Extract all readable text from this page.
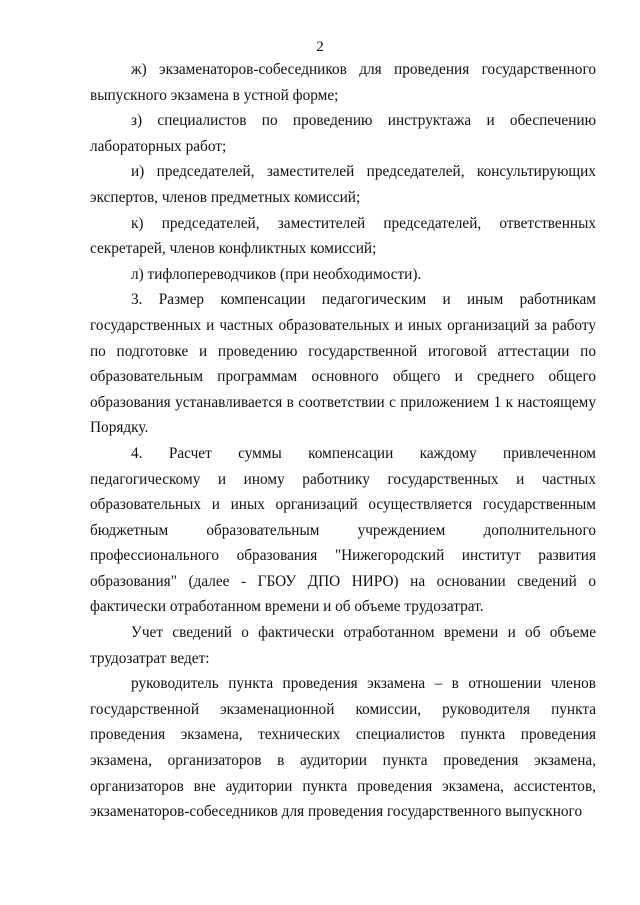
2

ж) экзаменаторов-собеседников для проведения государственного выпускного экзамена в устной форме;

з) специалистов по проведению инструктажа и обеспечению лабораторных работ;

и) председателей, заместителей председателей, консультирующих экспертов, членов предметных комиссий;

к) председателей, заместителей председателей, ответственных секретарей, членов конфликтных комиссий;

л) тифлопереводчиков (при необходимости).

3. Размер компенсации педагогическим и иным работникам государственных и частных образовательных и иных организаций за работу по подготовке и проведению государственной итоговой аттестации по образовательным программам основного общего и среднего общего образования устанавливается в соответствии с приложением 1 к настоящему Порядку.

4. Расчет суммы компенсации каждому привлеченном педагогическому и иному работнику государственных и частных образовательных и иных организаций осуществляется государственным бюджетным образовательным учреждением дополнительного профессионального образования "Нижегородский институт развития образования" (далее - ГБОУ ДПО НИРО) на основании сведений о фактически отработанном времени и об объеме трудозатрат.

Учет сведений о фактически отработанном времени и об объеме трудозатрат ведет:

руководитель пункта проведения экзамена – в отношении членов государственной экзаменационной комиссии, руководителя пункта проведения экзамена, технических специалистов пункта проведения экзамена, организаторов в аудитории пункта проведения экзамена, организаторов вне аудитории пункта проведения экзамена, ассистентов, экзаменаторов-собеседников для проведения государственного выпускного
